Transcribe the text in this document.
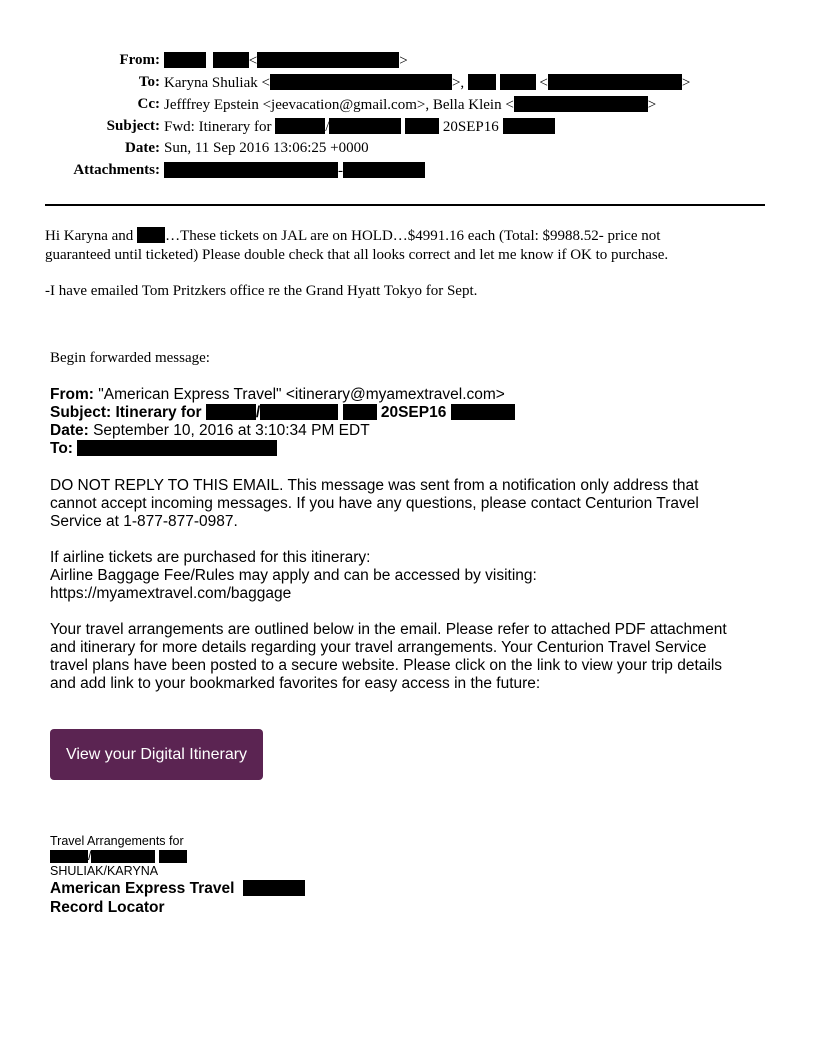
From:	<	>
To: Karyna Shuliak <	>,	<	>
Cc: Jefffrey Epstein <jeevacation@gmail.com>, Bella Klein <	>
Subject: Fwd: Itinerary for	/	20SEP16
Date: Sun, 11 Sep 2016 13:06:25 +0000
Attachments:	-

Hi Karyna and …These tickets on JAL are on HOLD…$4991.16 each (Total: $9988.52- price not
guaranteed until ticketed) Please double check that all looks correct and let me know if OK to purchase.

-I have emailed Tom Pritzkers office re the Grand Hyatt Tokyo for Sept.

Begin forwarded message:
From: "American Express Travel" <itinerary@myamextravel.com>
Subject: Itinerary for	/	20SEP16
Date: September 10, 2016 at 3:10:34 PM EDT
To:

DO NOT REPLY TO THIS EMAIL. This message was sent from a notification only address that
cannot accept incoming messages. If you have any questions, please contact Centurion Travel
Service at 1-877-877-0987.

If airline tickets are purchased for this itinerary:
Airline Baggage Fee/Rules may apply and can be accessed by visiting:
https://myamextravel.com/baggage

Your travel arrangements are outlined below in the email. Please refer to attached PDF attachment
and itinerary for more details regarding your travel arrangements. Your Centurion Travel Service
travel plans have been posted to a secure website. Please click on the link to view your trip details
and add link to your bookmarked favorites for easy access in the future:

View your Digital Itinerary
Travel Arrangements for
/
SHULIAK/KARYNA
American Express Travel
Record Locator
